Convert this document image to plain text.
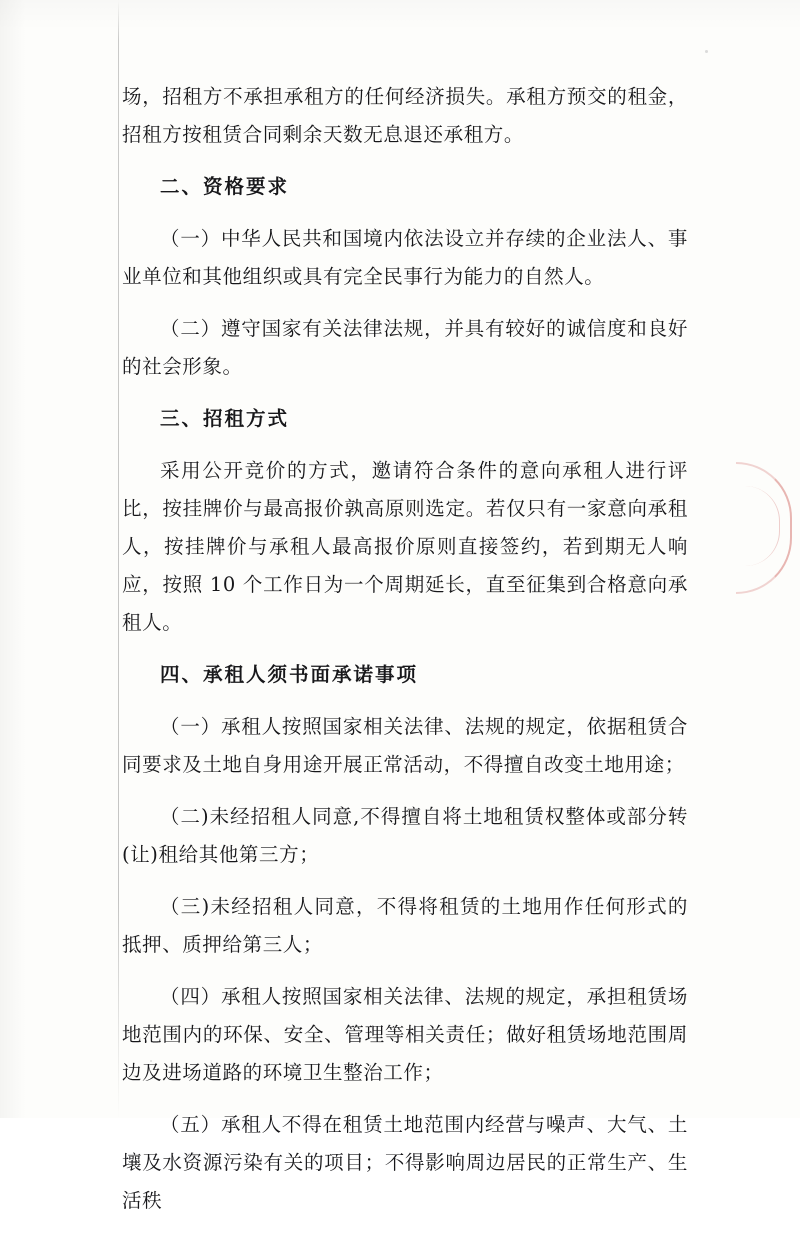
场，招租方不承担承租方的任何经济损失。承租方预交的租金，招租方按租赁合同剩余天数无息退还承租方。

二、资格要求

（一）中华人民共和国境内依法设立并存续的企业法人、事业单位和其他组织或具有完全民事行为能力的自然人。

（二）遵守国家有关法律法规，并具有较好的诚信度和良好的社会形象。

三、招租方式

采用公开竞价的方式，邀请符合条件的意向承租人进行评比，按挂牌价与最高报价孰高原则选定。若仅只有一家意向承租人，按挂牌价与承租人最高报价原则直接签约，若到期无人响应，按照 10 个工作日为一个周期延长，直至征集到合格意向承租人。

四、承租人须书面承诺事项

（一）承租人按照国家相关法律、法规的规定，依据租赁合同要求及土地自身用途开展正常活动，不得擅自改变土地用途；

（二)未经招租人同意,不得擅自将土地租赁权整体或部分转(让)租给其他第三方；

（三)未经招租人同意，不得将租赁的土地用作任何形式的抵押、质押给第三人；

（四）承租人按照国家相关法律、法规的规定，承担租赁场地范围内的环保、安全、管理等相关责任；做好租赁场地范围周边及进场道路的环境卫生整治工作；

（五）承租人不得在租赁土地范围内经营与噪声、大气、土壤及水资源污染有关的项目；不得影响周边居民的正常生产、生活秩
